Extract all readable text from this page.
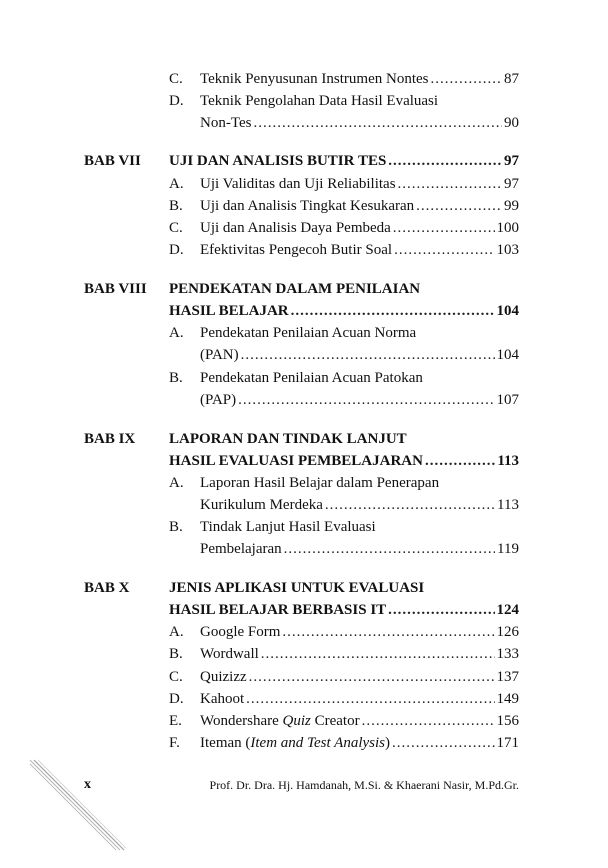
C. Teknik Penyusunan Instrumen Nontes .....	87
D. Teknik Pengolahan Data Hasil Evaluasi
Non-Tes .....	90
BAB VII UJI DAN ANALISIS BUTIR TES .....	97
A. Uji Validitas dan Uji Reliabilitas .....	97
B. Uji dan Analisis Tingkat Kesukaran .....	99
C. Uji dan Analisis Daya Pembeda .....	100
D. Efektivitas Pengecoh Butir Soal .....	103
BAB VIII PENDEKATAN DALAM PENILAIAN
HASIL BELAJAR .....	104
A. Pendekatan Penilaian Acuan Norma
(PAN) .....	104
B. Pendekatan Penilaian Acuan Patokan
(PAP) .....	107
BAB IX LAPORAN DAN TINDAK LANJUT
HASIL EVALUASI PEMBELAJARAN .....	113
A. Laporan Hasil Belajar dalam Penerapan
Kurikulum Merdeka .....	113
B. Tindak Lanjut Hasil Evaluasi
Pembelajaran .....	119
BAB X	JENIS APLIKASI UNTUK EVALUASI
HASIL BELAJAR BERBASIS IT .....	124
A. Google Form .....	126
B. Wordwall .....	133
C. Quizizz .....	137
D. Kahoot .....	149
E. Wondershare Quiz Creator .....	156
F. Iteman (Item and Test Analysis) .....	171
x	Prof. Dr. Dra. Hj. Hamdanah, M.Si. & Khaerani Nasir, M.Pd.Gr.
